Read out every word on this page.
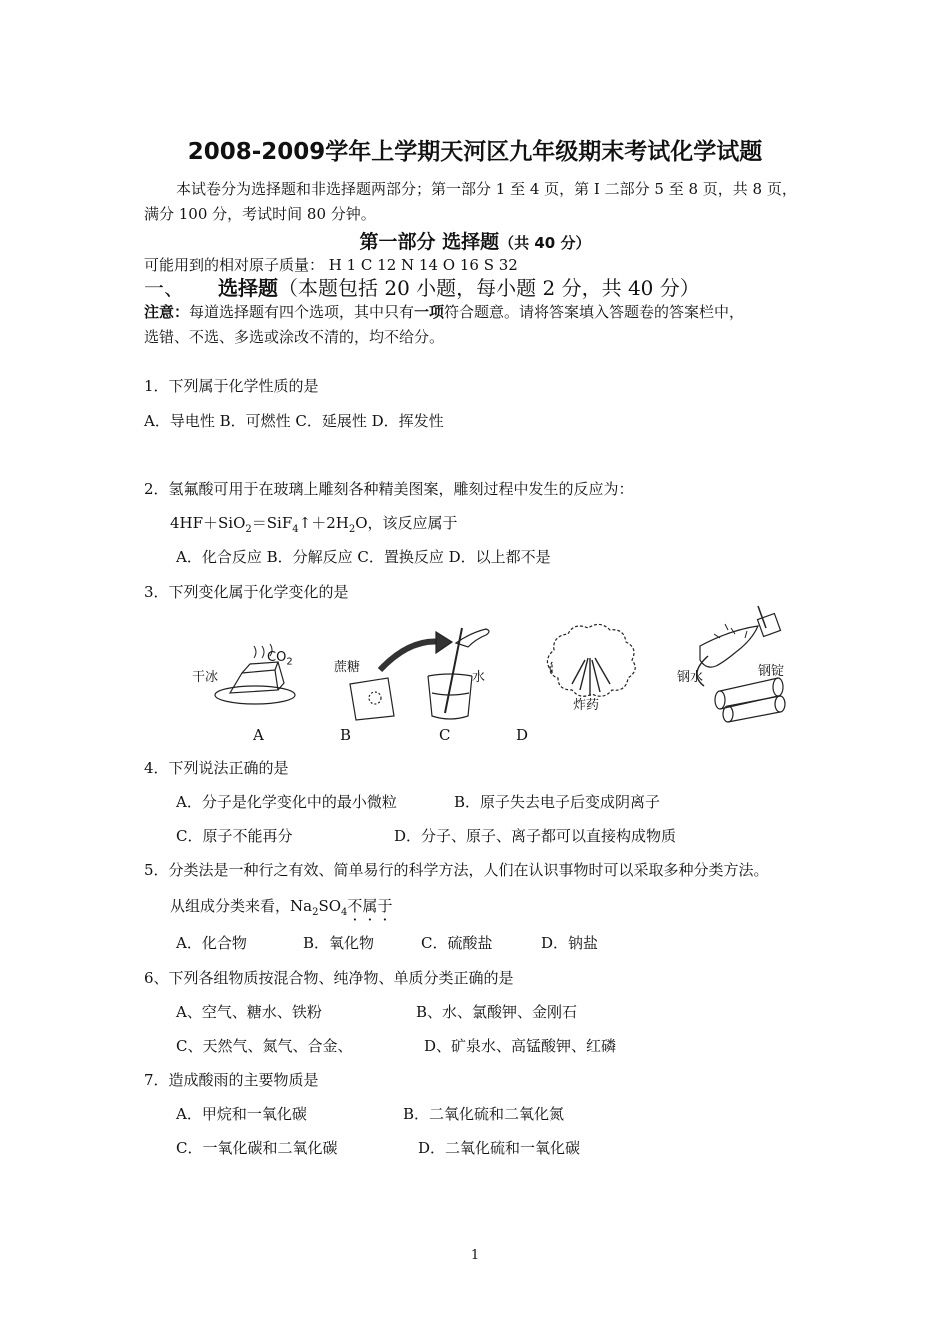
2008-2009学年上学期天河区九年级期末考试化学试题
本试卷分为选择题和非选择题两部分；第一部分 1 至 4 页，第 I 二部分 5 至 8 页，共 8 页，
满分 100 分，考试时间 80 分钟。
第一部分 选择题（共 40 分）
可能用到的相对原子质量： H 1 C 12 N 14 O 16 S 32
一、 选择题（本题包括 20 小题，每小题 2 分，共 40 分）
注意：每道选择题有四个选项，其中只有一项符合题意。请将答案填入答题卷的答案栏中，
选错、不选、多选或涂改不清的，均不给分。
1．下列属于化学性质的是
A．导电性 B．可燃性 C．延展性 D．挥发性
2．氢氟酸可用于在玻璃上雕刻各种精美图案，雕刻过程中发生的反应为：
$4HF+SiO_2=SiF_4↑+2H_2O$，该反应属于
A．化合反应 B．分解反应 C．置换反应 D．以上都不是
3．下列变化属于化学变化的是
干冰
$CO_2$	蔗糖
水
炸药
钢水	钢锭
A	B	C	D
4．下列说法正确的是
A．分子是化学变化中的最小微粒	B．原子失去电子后变成阴离子
C．原子不能再分	D．分子、原子、离子都可以直接构成物质
5．分类法是一种行之有效、简单易行的科学方法，人们在认识事物时可以采取多种分类方法。
从组成分类来看，$Na_2SO_4$不属于
A．化合物	B．氧化物	C．硫酸盐	D．钠盐
6、下列各组物质按混合物、纯净物、单质分类正确的是
A、空气、糖水、铁粉	B、水、氯酸钾、金刚石
C、天然气、氮气、合金、	D、矿泉水、高锰酸钾、红磷
7．造成酸雨的主要物质是
A．甲烷和一氧化碳	B．二氧化硫和二氧化氮
C．一氧化碳和二氧化碳	D．二氧化硫和一氧化碳
1
